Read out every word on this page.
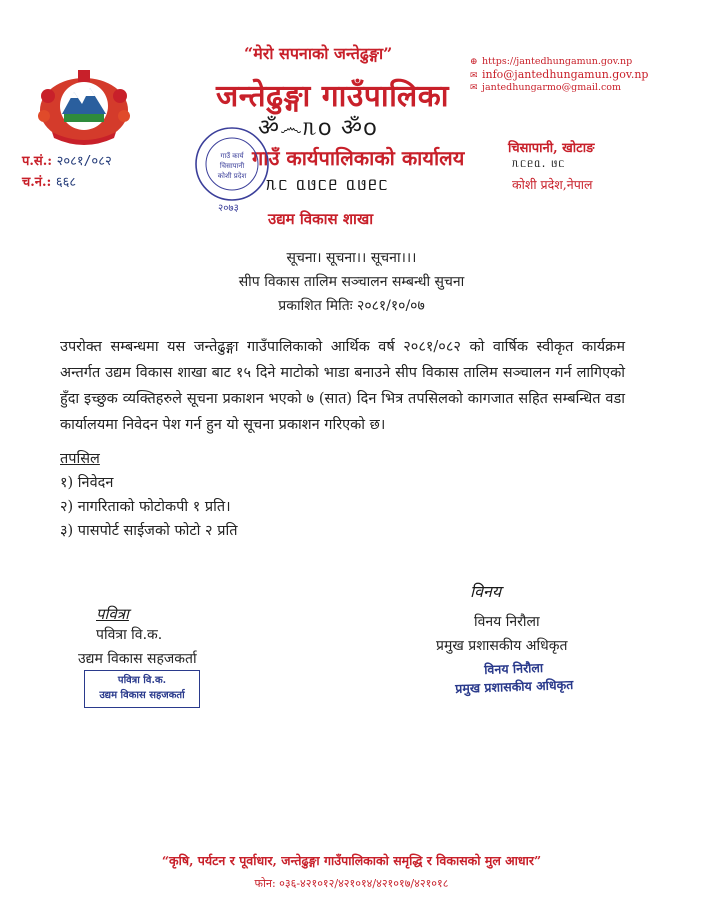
“मेरो सपनाको जन्तेढुङ्गा”
जन्तेढुङ्गा गाउँपालिका
ॐ෴ᥰ꧐ ॐ꧐
गाउँ कार्यपालिकाको कार्यालय
ᥰᥴ ᥲᥳᥴᥱ ᥲᥳᥱᥴ
उद्यम विकास शाखा
गाउँ कार्य
चिसापानी
कोशी प्रदेश
२०७३
प.सं.: २०८१/०८२
च.नं.: ६६८
⊕ https://jantedhungamun.gov.np
✉ info@jantedhungamun.gov.np
✉ jantedhungarmo@gmail.com
चिसापानी, खोटाङ
ᥰᥴᥱᥲ. ᥳᥴ
कोशी प्रदेश,नेपाल
सूचना। सूचना।। सूचना।।।
सीप विकास तालिम सञ्चालन सम्बन्धी सुचना
प्रकाशित मितिः २०८१/१०/०७
उपरोक्त सम्बन्धमा यस जन्तेढुङ्गा गाउँपालिकाको आर्थिक वर्ष २०८१/०८२ को वार्षिक स्वीकृत कार्यक्रम अन्तर्गत उद्यम विकास शाखा बाट १५ दिने माटोको भाडा बनाउने सीप विकास तालिम सञ्चालन गर्न लागिएको हुँदा इच्छुक व्यक्तिहरुले सूचना प्रकाशन भएको ७ (सात) दिन भित्र तपसिलको कागजात सहित सम्बन्धित वडा कार्यालयमा निवेदन पेश गर्न हुन यो सूचना प्रकाशन गरिएको छ।
तपसिल
१) निवेदन
२) नागरिताको फोटोकपी १ प्रति।
३) पासपोर्ट साईजको फोटो २ प्रति
पवित्रा
पवित्रा वि.क.
उद्यम विकास सहजकर्ता
पवित्रा वि.क.
उद्यम विकास सहजकर्ता
विनय
विनय निरौला
प्रमुख प्रशासकीय अधिकृत
विनय निरौला
प्रमुख प्रशासकीय अधिकृत
“कृषि, पर्यटन र पूर्वाधार, जन्तेढुङ्गा गाउँपालिकाको समृद्धि र विकासको मुल आधार”
फोन: ०३६-४२१०१२/४२१०१४/४२१०१७/४२१०१८
